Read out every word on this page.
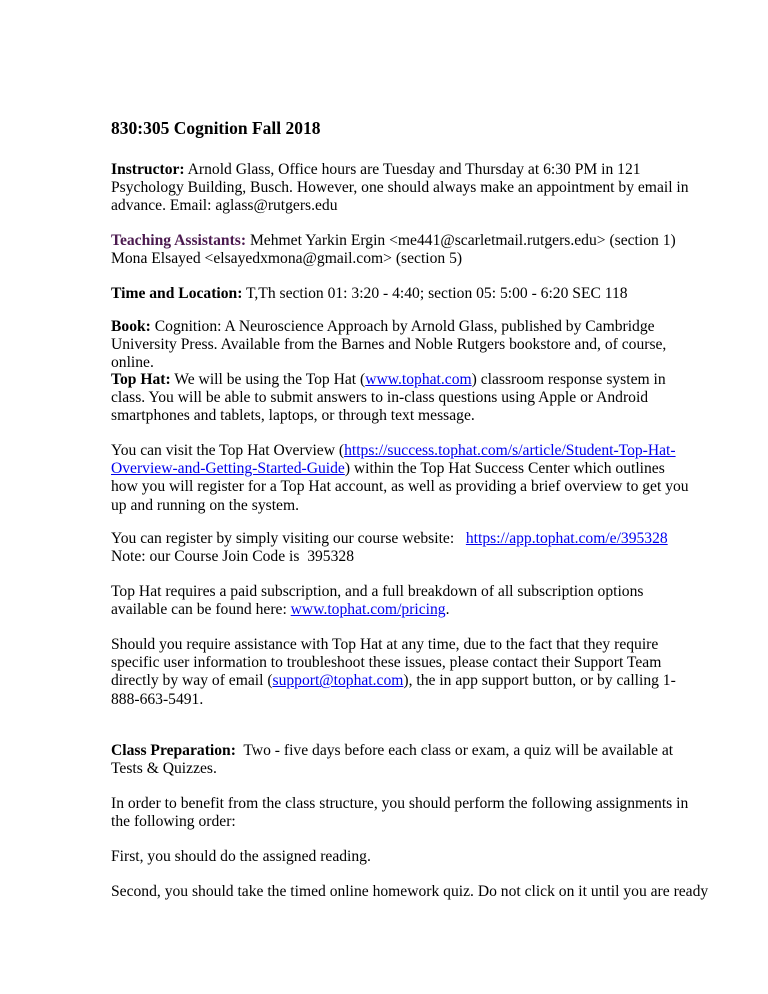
830:305 Cognition Fall 2018

Instructor: Arnold Glass, Office hours are Tuesday and Thursday at 6:30 PM in 121 Psychology Building, Busch. However, one should always make an appointment by email in advance. Email: aglass@rutgers.edu

Teaching Assistants: Mehmet Yarkin Ergin <me441@scarletmail.rutgers.edu> (section 1)
Mona Elsayed <elsayedxmona@gmail.com> (section 5)

Time and Location: T,Th section 01: 3:20 - 4:40; section 05: 5:00 - 6:20 SEC 118

Book: Cognition: A Neuroscience Approach by Arnold Glass, published by Cambridge University Press. Available from the Barnes and Noble Rutgers bookstore and, of course, online.

Top Hat: We will be using the Top Hat (www.tophat.com) classroom response system in class. You will be able to submit answers to in-class questions using Apple or Android smartphones and tablets, laptops, or through text message.

You can visit the Top Hat Overview (https://success.tophat.com/s/article/Student-Top-Hat-Overview-and-Getting-Started-Guide) within the Top Hat Success Center which outlines how you will register for a Top Hat account, as well as providing a brief overview to get you up and running on the system.

You can register by simply visiting our course website:   https://app.tophat.com/e/395328
Note: our Course Join Code is  395328

Top Hat requires a paid subscription, and a full breakdown of all subscription options available can be found here: www.tophat.com/pricing.

Should you require assistance with Top Hat at any time, due to the fact that they require specific user information to troubleshoot these issues, please contact their Support Team directly by way of email (support@tophat.com), the in app support button, or by calling 1-888-663-5491.

Class Preparation:  Two - five days before each class or exam, a quiz will be available at Tests & Quizzes.

In order to benefit from the class structure, you should perform the following assignments in the following order:

First, you should do the assigned reading.

Second, you should take the timed online homework quiz. Do not click on it until you are ready
